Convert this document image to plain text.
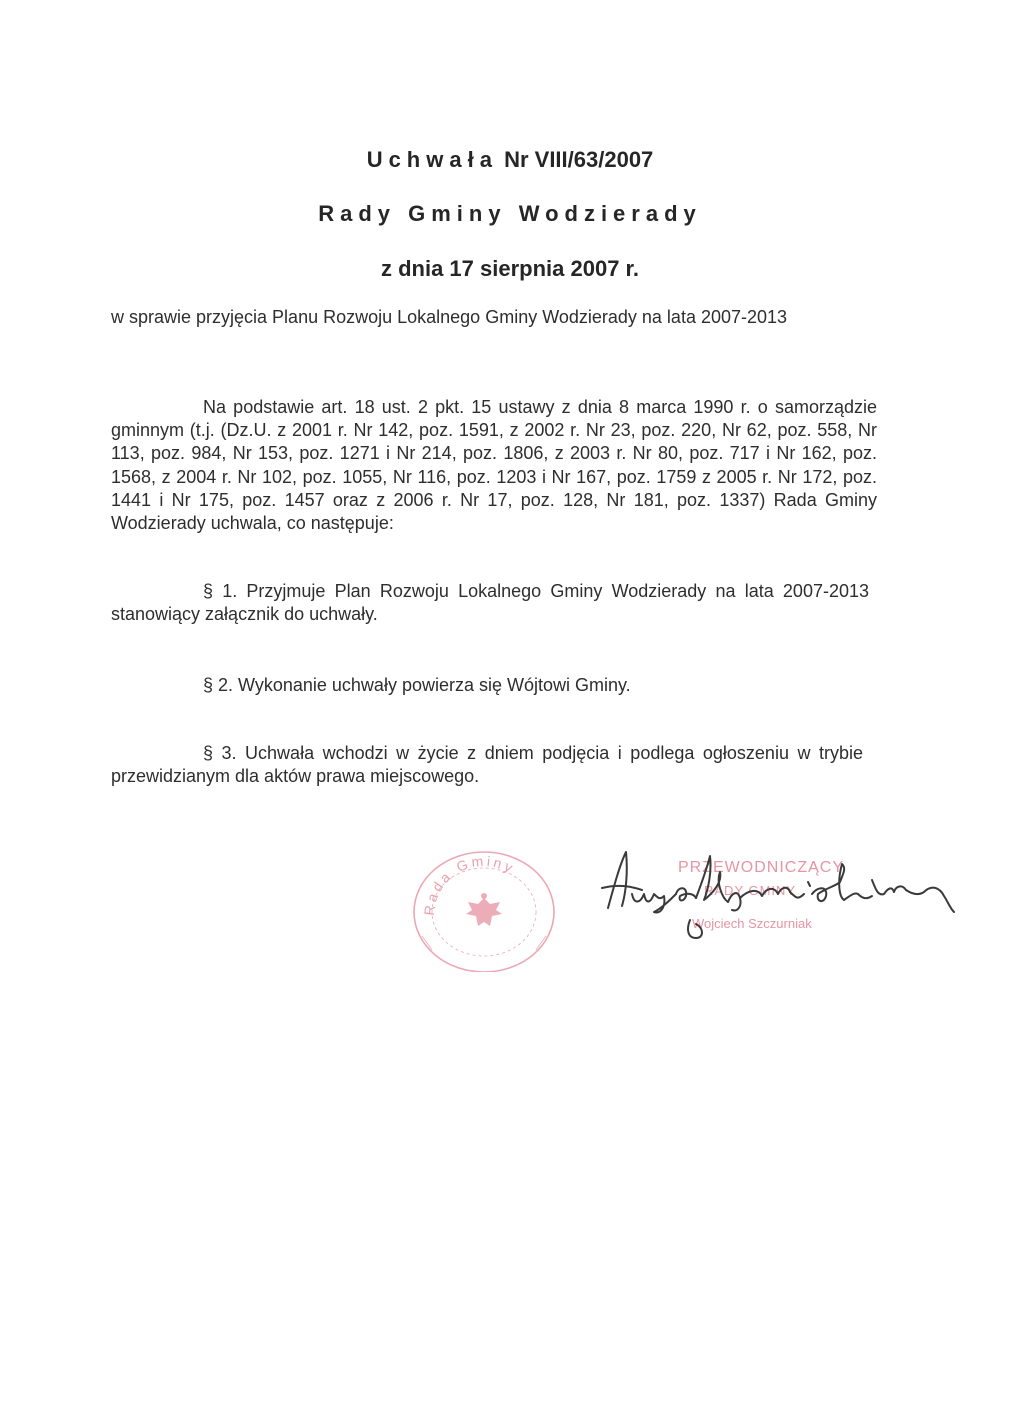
Uchwała Nr VIII/63/2007
Rady Gminy Wodzierady
z dnia 17 sierpnia 2007 r.
w sprawie przyjęcia Planu Rozwoju Lokalnego Gminy Wodzierady na lata 2007-2013
Na podstawie art. 18 ust. 2 pkt. 15 ustawy z dnia 8 marca 1990 r. o samorządzie gminnym (t.j. (Dz.U. z 2001 r. Nr 142, poz. 1591, z 2002 r. Nr 23, poz. 220, Nr 62, poz. 558, Nr 113, poz. 984, Nr 153, poz. 1271 i Nr 214, poz. 1806, z 2003 r. Nr 80, poz. 717 i Nr 162, poz. 1568, z 2004 r. Nr 102, poz. 1055, Nr 116, poz. 1203 i Nr 167, poz. 1759 z 2005 r. Nr 172, poz. 1441 i Nr 175, poz. 1457 oraz z 2006 r. Nr 17, poz. 128, Nr 181, poz. 1337) Rada Gminy Wodzierady uchwala, co następuje:
§ 1. Przyjmuje Plan Rozwoju Lokalnego Gminy Wodzierady na lata 2007-2013 stanowiący załącznik do uchwały.
§ 2. Wykonanie uchwały powierza się Wójtowi Gminy.
§ 3. Uchwała wchodzi w życie z dniem podjęcia i podlega ogłoszeniu w trybie przewidzianym dla aktów prawa miejscowego.
Rada Gminy	PRZEWODNICZĄCY
RADY GMINY
Wojciech Szczurniak
